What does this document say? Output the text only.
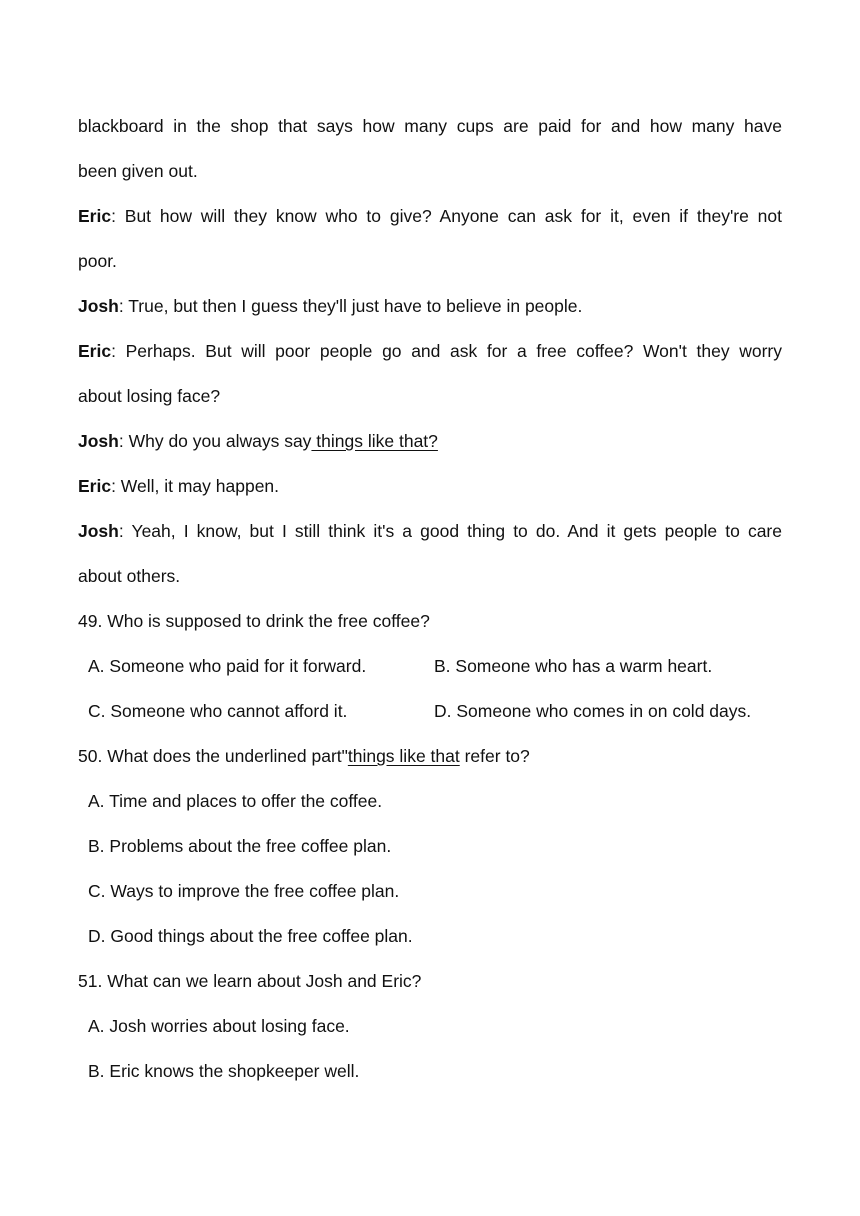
blackboard in the shop that says how many cups are paid for and how many have
been given out.
Eric: But how will they know who to give? Anyone can ask for it, even if they're not
poor.
Josh: True, but then I guess they'll just have to believe in people.
Eric: Perhaps. But will poor people go and ask for a free coffee? Won't they worry
about losing face?
Josh: Why do you always say things like that?
Eric: Well, it may happen.
Josh: Yeah, I know, but I still think it's a good thing to do. And it gets people to care
about others.
49. Who is supposed to drink the free coffee?
A. Someone who paid for it forward.	B. Someone who has a warm heart.
C. Someone who cannot afford it.	D. Someone who comes in on cold days.
50. What does the underlined part"things like that refer to?
A. Time and places to offer the coffee.
B. Problems about the free coffee plan.
C. Ways to improve the free coffee plan.
D. Good things about the free coffee plan.
51. What can we learn about Josh and Eric?
A. Josh worries about losing face.
B. Eric knows the shopkeeper well.
